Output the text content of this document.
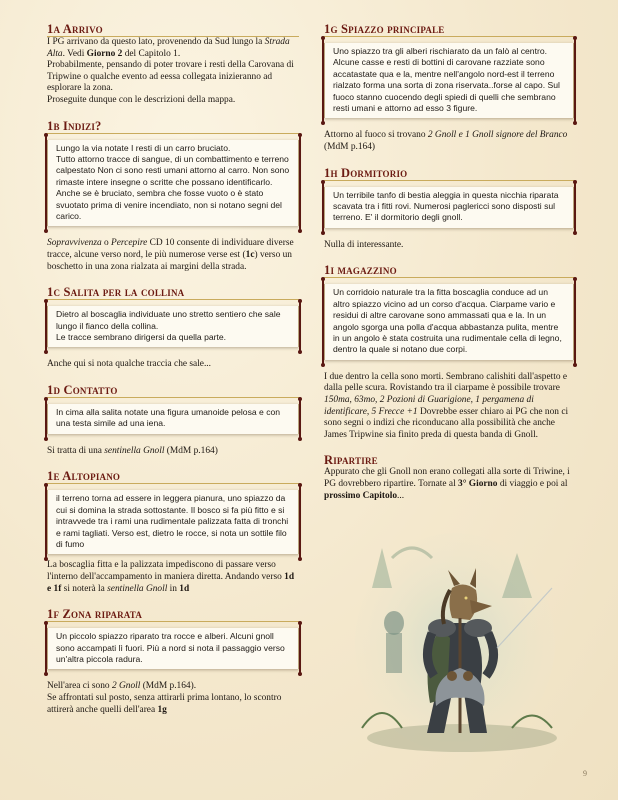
1a Arrivo

I PG arrivano da questo lato, provenendo da Sud lungo la Strada Alta. Vedi Giorno 2 del Capitolo 1.

Probabilmente, pensando di poter trovare i resti della Carovana di Tripwine o qualche evento ad eessa collegata inizieranno ad esplorare la zona.

Proseguite dunque con le descrizioni della mappa.

1b Indizi?
Lungo la via notate I resti di un carro bruciato.
Tutto attorno tracce di sangue, di un combattimento e terreno calpestato Non ci sono resti umani attorno al carro. Non sono rimaste intere insegne o scritte che possano identificarlo.
Anche se è bruciato, sembra che fosse vuoto o è stato svuotato prima di venire incendiato, non si notano segni del carico.

Sopravvivenza o Percepire CD 10 consente di individuare diverse tracce, alcune verso nord, le più numerose verse est (1c) verso un boschetto in una zona rialzata ai margini della strada.

1c Salita per la collina
Dietro al boscaglia individuate uno stretto sentiero che sale lungo il fianco della collina.
Le tracce sembrano dirigersi da quella parte.

Anche qui si nota qualche traccia che sale...

1d Contatto
In cima alla salita notate una figura umanoide pelosa e con una testa simile ad una iena.

Si tratta di una sentinella Gnoll (MdM p.164)

1e Altopiano
il terreno torna ad essere in leggera pianura, uno spiazzo da cui si domina la strada sottostante. Il bosco si fa più fitto e si intravvede tra i rami una rudimentale palizzata fatta di tronchi e rami tagliati. Verso est, dietro le rocce, si nota un sottile filo di fumo

La boscaglia fitta e la palizzata impediscono di passare verso l'interno dell'accampamento in maniera diretta. Andando verso 1d e 1f si noterà la sentinella Gnoll in 1d

1f Zona riparata
Un piccolo spiazzo riparato tra rocce e alberi. Alcuni gnoll sono accampati lì fuori. Più a nord si nota il passaggio verso un'altra piccola radura.

Nell'area ci sono 2 Gnoll (MdM p.164).

Se affrontati sul posto, senza attirarli prima lontano, lo scontro attirerà anche quelli dell'area 1g

1g Spiazzo principale
Uno spiazzo tra gli alberi rischiarato da un falò al centro. Alcune casse e resti di bottini di carovane razziate sono accatastate qua e la, mentre nell'angolo nord-est il terreno rialzato forma una sorta di zona riservata..forse al capo. Sul fuoco stanno cuocendo degli spiedi di quelli che sembrano resti umani e attorno ad esso 3 figure.

Attorno al fuoco si trovano 2 Gnoll e 1 Gnoll signore del Branco (MdM p.164)

1h Dormitorio
Un terribile tanfo di bestia aleggia in questa nicchia riparata scavata tra i fitti rovi. Numerosi paglericci sono disposti sul terreno. E' il dormitorio degli gnoll.

Nulla di interessante.

1i magazzino
Un corridoio naturale tra la fitta boscaglia conduce ad un altro spiazzo vicino ad un corso d'acqua. Ciarpame vario e residui di altre carovane sono ammassati qua e la. In un angolo sgorga una polla d'acqua abbastanza pulita, mentre in un angolo è stata costruita una rudimentale cella di legno, dentro la quale si notano due corpi.

I due dentro la cella sono morti. Sembrano calishiti dall'aspetto e dalla pelle scura. Rovistando tra il ciarpame è possibile trovare 150ma, 63mo, 2 Pozioni di Guarigione, 1 pergamena di identificare, 5 Frecce +1 Dovrebbe esser chiaro ai PG che non ci sono segni o indizi che riconducano alla possibilità che anche James Tripwine sia finito preda di questa banda di Gnoll.

Ripartire

Appurato che gli Gnoll non erano collegati alla sorte di Triwine, i PG dovrebbero ripartire. Tornate al 3° Giorno di viaggio e poi al prossimo Capitolo...

9
